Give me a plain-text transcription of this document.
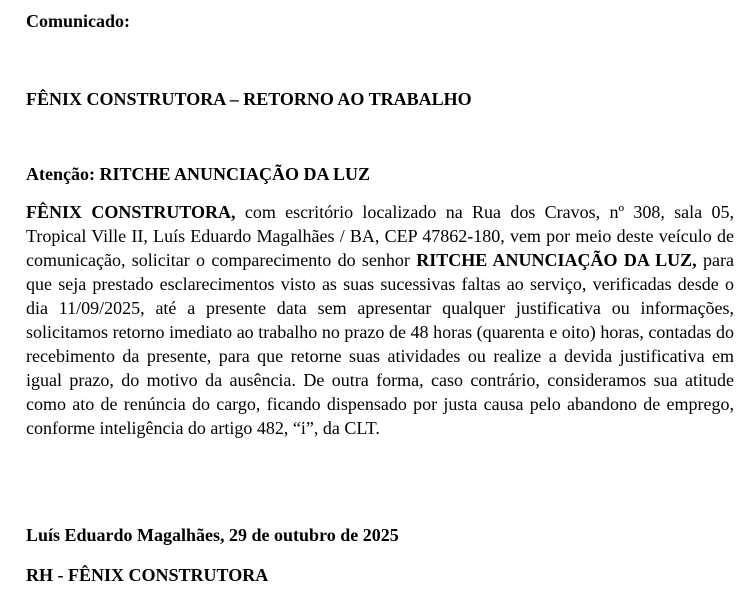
Comunicado:
FÊNIX CONSTRUTORA – RETORNO AO TRABALHO
Atenção: RITCHE ANUNCIAÇÃO DA LUZ

FÊNIX CONSTRUTORA, com escritório localizado na Rua dos Cravos, nº 308, sala 05, Tropical Ville II, Luís Eduardo Magalhães / BA, CEP 47862-180, vem por meio deste veículo de comunicação, solicitar o comparecimento do senhor RITCHE ANUNCIAÇÃO DA LUZ, para que seja prestado esclarecimentos visto as suas sucessivas faltas ao serviço, verificadas desde o dia 11/09/2025, até a presente data sem apresentar qualquer justificativa ou informações, solicitamos retorno imediato ao trabalho no prazo de 48 horas (quarenta e oito) horas, contadas do recebimento da presente, para que retorne suas atividades ou realize a devida justificativa em igual prazo, do motivo da ausência. De outra forma, caso contrário, consideramos sua atitude como ato de renúncia do cargo, ficando dispensado por justa causa pelo abandono de emprego, conforme inteligência do artigo 482, “i”, da CLT.

Luís Eduardo Magalhães, 29 de outubro de 2025
RH - FÊNIX CONSTRUTORA
